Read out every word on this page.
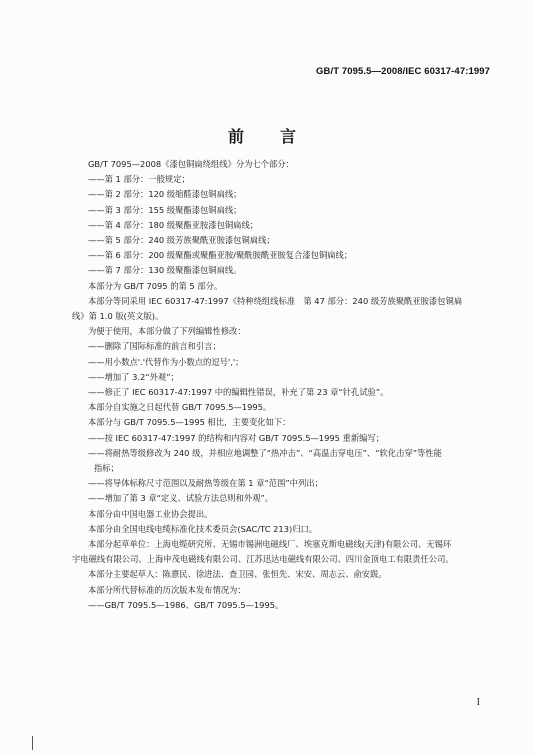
GB/T 7095.5—2008/IEC 60317-47:1997
前　言

GB/T 7095—2008《漆包铜扁绕组线》分为七个部分：

——第 1 部分：一般规定；

——第 2 部分：120 级缩醛漆包铜扁线；

——第 3 部分：155 级聚酯漆包铜扁线；

——第 4 部分：180 级聚酯亚胺漆包铜扁线；

——第 5 部分：240 级芳族聚酰亚胺漆包铜扁线；

——第 6 部分：200 级聚酯或聚酯亚胺/聚酰胺酰亚胺复合漆包铜扁线；

——第 7 部分：130 级聚酯漆包铜扁线。

本部分为 GB/T 7095 的第 5 部分。

本部分等同采用 IEC 60317-47:1997《特种绕组线标准　第 47 部分：240 级芳族聚酰亚胺漆包铜扁

线》第 1.0 版(英文版)。

为便于使用，本部分做了下列编辑性修改：

——删除了国际标准的前言和引言；

——用小数点'.'代替作为小数点的逗号','；

——增加了 3.2“外观”；

——修正了 IEC 60317-47:1997 中的编辑性错误，补充了第 23 章“针孔试验”。

本部分自实施之日起代替 GB/T 7095.5—1995。

本部分与 GB/T 7095.5—1995 相比，主要变化如下：

——按 IEC 60317-47:1997 的结构和内容对 GB/T 7095.5—1995 重新编写；

——将耐热等级修改为 240 级，并相应地调整了“热冲击”、“高温击穿电压”、“软化击穿”等性能

指标；

——将导体标称尺寸范围以及耐热等级在第 1 章“范围”中列出；

——增加了第 3 章“定义、试验方法总则和外观”。

本部分由中国电器工业协会提出。

本部分由全国电线电缆标准化技术委员会(SAC/TC 213)归口。

本部分起草单位：上海电缆研究所、无锡市锡洲电磁线厂、埃塞克斯电磁线(天津)有限公司、无锡环

宇电磁线有限公司、上海申茂电磁线有限公司、江苏迅达电磁线有限公司、四川金顶电工有限责任公司。

本部分主要起草人：陈憙民、徐进法、查卫园、张恒先、宋安、周志云、俞安跋。

本部分所代替标准的历次版本发布情况为：

——GB/T 7095.5—1986、GB/T 7095.5—1995。

I
